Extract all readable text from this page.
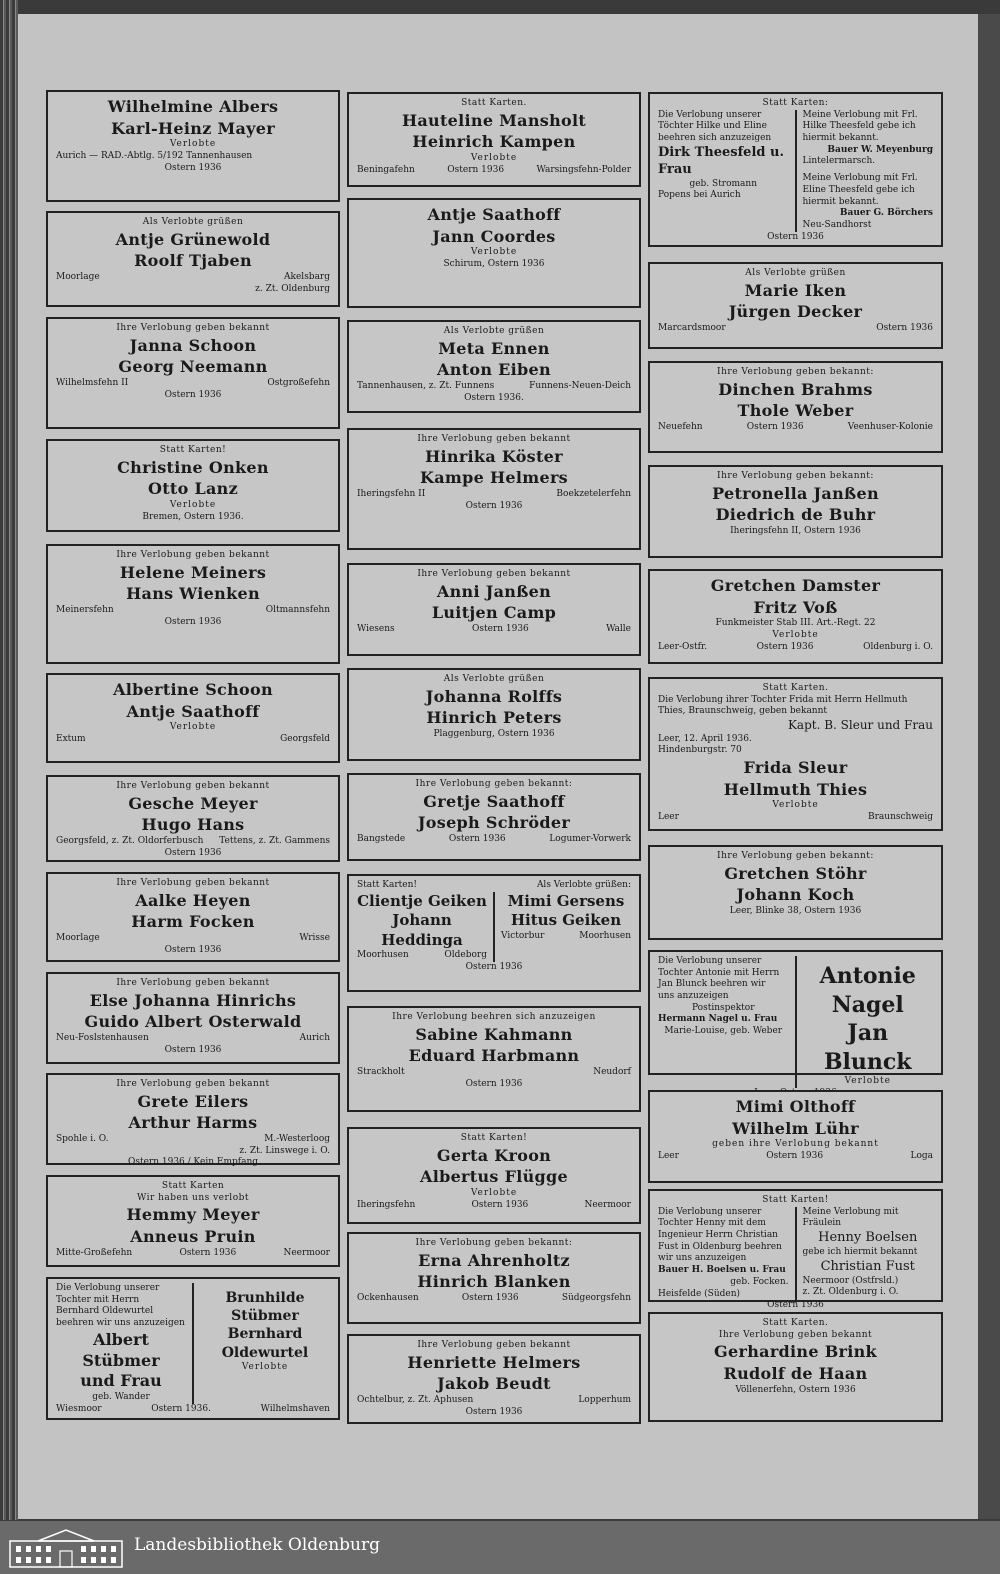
Wilhelmine Albers
Karl-Heinz Mayer
Verlobte
Aurich — RAD.-Abtlg. 5/192 Tannenhausen
Ostern 1936
Als Verlobte grüßen
Antje Grünewold
Roolf Tjaben
Moorlage	Akelsbarg
z. Zt. Oldenburg
Ihre Verlobung geben bekannt
Janna Schoon
Georg Neemann
Wilhelmsfehn II	Ostgroßefehn
Ostern 1936
Statt Karten!
Christine Onken
Otto Lanz
Verlobte
Bremen, Ostern 1936.
Ihre Verlobung geben bekannt
Helene Meiners
Hans Wienken
Meinersfehn	Oltmannsfehn
Ostern 1936
Albertine Schoon
Antje Saathoff
Verlobte
Extum	Georgsfeld
Ihre Verlobung geben bekannt
Gesche Meyer
Hugo Hans
Georgsfeld, z. Zt. Oldorferbusch Tettens, z. Zt. Gammens
Ostern 1936
Ihre Verlobung geben bekannt
Aalke Heyen
Harm Focken
Moorlage	Wrisse
Ostern 1936
Ihre Verlobung geben bekannt
Else Johanna Hinrichs
Guido Albert Osterwald
Neu-Foslstenhausen	Aurich
Ostern 1936
Ihre Verlobung geben bekannt
Grete Eilers
Arthur Harms
Spohle i. O.	M.-Westerloog
z. Zt. Linswege i. O.
Ostern 1936 / Kein Empfang
Statt Karten
Wir haben uns verlobt
Hemmy Meyer
Anneus Pruin
Mitte-Großefehn	Ostern 1936	Neermoor
Die Verlobung unserer
Tochter mit Herrn
Bernhard Oldewurtel
beehren wir uns anzuzeigen
Albert Stübmer
und Frau
geb. Wander
Brunhilde Stübmer
Bernhard Oldewurtel
Verlobte
Wiesmoor	Ostern 1936.	Wilhelmshaven
Statt Karten.
Hauteline Mansholt
Heinrich Kampen
Verlobte
Beningafehn	Ostern 1936	Warsingsfehn-Polder
Antje Saathoff
Jann Coordes
Verlobte
Schirum, Ostern 1936
Als Verlobte grüßen
Meta Ennen
Anton Eiben
Tannenhausen, z. Zt. Funnens	Funnens-Neuen-Deich
Ostern 1936.
Ihre Verlobung geben bekannt
Hinrika Köster
Kampe Helmers
Iheringsfehn II	Boekzetelerfehn
Ostern 1936
Ihre Verlobung geben bekannt
Anni Janßen
Luitjen Camp
Wiesens	Ostern 1936	Walle
Als Verlobte grüßen
Johanna Rolffs
Hinrich Peters
Plaggenburg, Ostern 1936
Ihre Verlobung geben bekannt:
Gretje Saathoff
Joseph Schröder
Bangstede	Ostern 1936	Logumer-Vorwerk
Statt Karten!	Als Verlobte grüßen:
Clientje Geiken
Johann Heddinga
Moorhusen	Oldeborg
Mimi Gersens
Hitus Geiken
Victorbur	Moorhusen
Ostern 1936
Ihre Verlobung beehren sich anzuzeigen
Sabine Kahmann
Eduard Harbmann
Strackholt	Neudorf
Ostern 1936
Statt Karten!
Gerta Kroon
Albertus Flügge
Verlobte
Iheringsfehn	Ostern 1936	Neermoor
Ihre Verlobung geben bekannt:
Erna Ahrenholtz
Hinrich Blanken
Ockenhausen	Ostern 1936	Südgeorgsfehn
Ihre Verlobung geben bekannt
Henriette Helmers
Jakob Beudt
Ochtelbur, z. Zt. Aphusen	Lopperhum
Ostern 1936
Statt Karten:
Die Verlobung unserer
Töchter Hilke und Eline
beehren sich anzuzeigen
Dirk Theesfeld u. Frau
geb. Stromann
Popens bei Aurich
Meine Verlobung mit Frl.
Hilke Theesfeld gebe ich
hiermit bekannt.
Bauer W. Meyenburg
Lintelermarsch.
Meine Verlobung mit Frl.
Eline Theesfeld gebe ich
hiermit bekannt.
Bauer G. Börchers
Neu-Sandhorst
Ostern 1936
Als Verlobte grüßen
Marie Iken
Jürgen Decker
Marcardsmoor	Ostern 1936
Ihre Verlobung geben bekannt:
Dinchen Brahms
Thole Weber
Neuefehn	Ostern 1936	Veenhuser-Kolonie
Ihre Verlobung geben bekannt:
Petronella Janßen
Diedrich de Buhr
Iheringsfehn II, Ostern 1936
Gretchen Damster
Fritz Voß
Funkmeister Stab III. Art.-Regt. 22
Verlobte
Leer-Ostfr.	Ostern 1936	Oldenburg i. O.
Statt Karten.
Die Verlobung ihrer Tochter Frida mit Herrn Hellmuth
Thies, Braunschweig, geben bekannt
Kapt. B. Sleur und Frau
Leer, 12. April 1936.
Hindenburgstr. 70
Frida Sleur
Hellmuth Thies
Verlobte
Leer	Braunschweig
Ihre Verlobung geben bekannt:
Gretchen Stöhr
Johann Koch
Leer, Blinke 38, Ostern 1936
Die Verlobung unserer
Tochter Antonie mit Herrn
Jan Blunck beehren wir
uns anzuzeigen
Postinspektor
Hermann Nagel u. Frau
Marie-Louise, geb. Weber
Antonie Nagel
Jan Blunck
Verlobte
Mimi Olthoff
Wilhelm Lühr
geben ihre Verlobung bekannt
Leer	Ostern 1936	Loga
Statt Karten!
Die Verlobung unserer
Tochter Henny mit dem
Ingenieur Herrn Christian
Fust in Oldenburg beehren
wir uns anzuzeigen
Bauer H. Boelsen u. Frau
geb. Focken.
Heisfelde (Süden)
Meine Verlobung mit
Fräulein
Henny Boelsen
gebe ich hiermit bekannt
Christian Fust
Neermoor (Ostfrsld.)
z. Zt. Oldenburg i. O.
Ostern 1936
Statt Karten.
Ihre Verlobung geben bekannt
Gerhardine Brink
Rudolf de Haan
Völlenerfehn, Ostern 1936
Landesbibliothek Oldenburg
